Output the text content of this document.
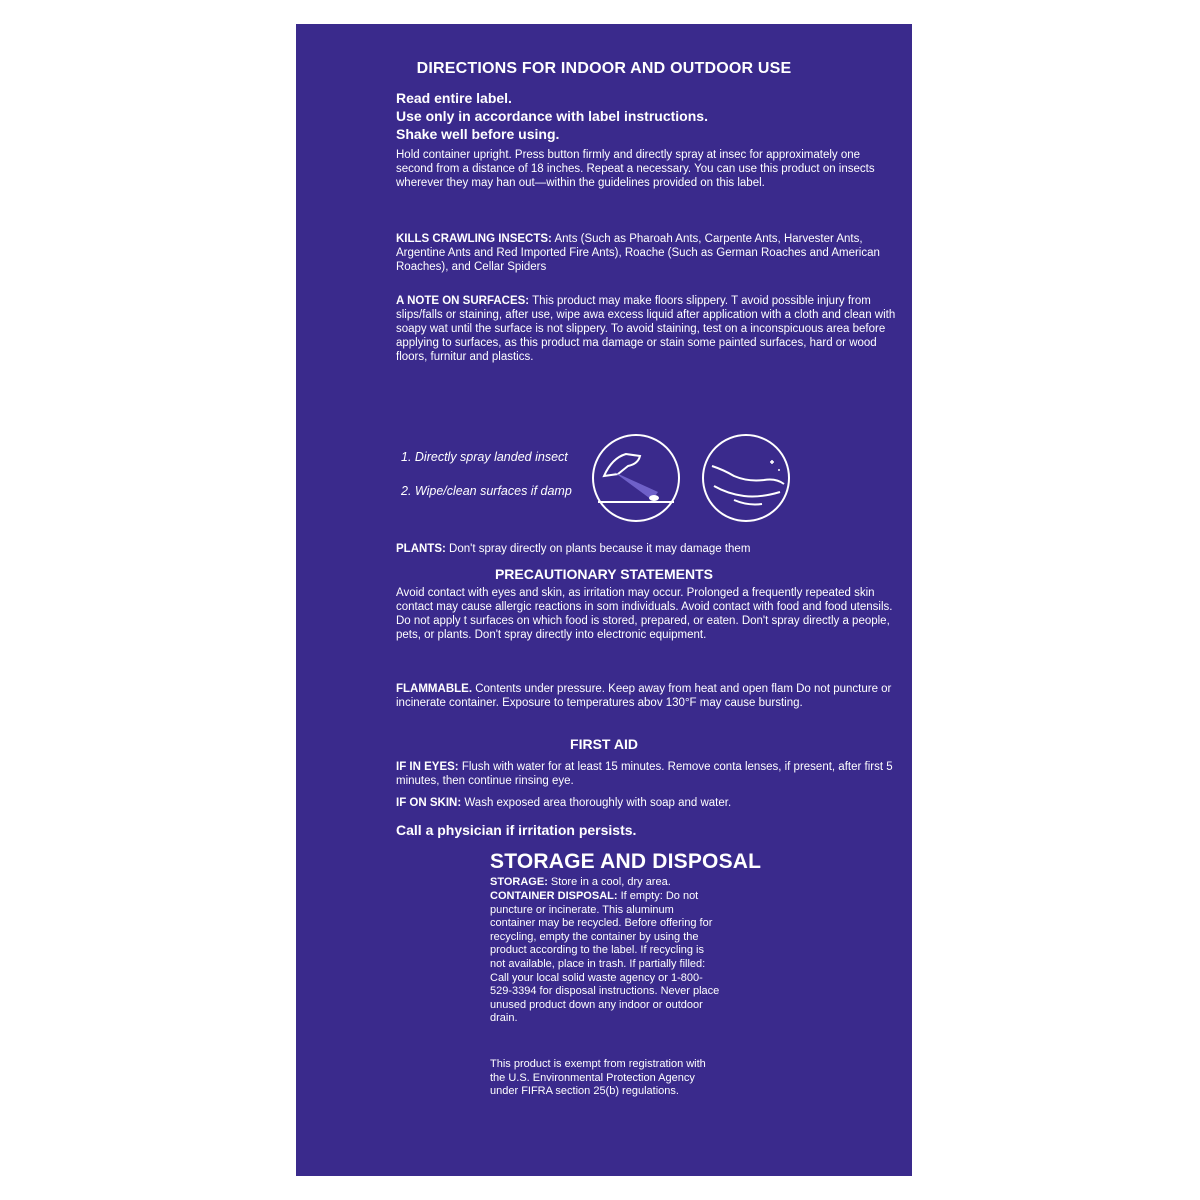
DIRECTIONS FOR INDOOR AND OUTDOOR USE
Read entire label.
Use only in accordance with label instructions.
Shake well before using.
Hold container upright. Press button firmly and directly spray at insec for approximately one second from a distance of 18 inches. Repeat a necessary. You can use this product on insects wherever they may han out—within the guidelines provided on this label.
KILLS CRAWLING INSECTS: Ants (Such as Pharoah Ants, Carpente Ants, Harvester Ants, Argentine Ants and Red Imported Fire Ants), Roache (Such as German Roaches and American Roaches), and Cellar Spiders
A NOTE ON SURFACES: This product may make floors slippery. T avoid possible injury from slips/falls or staining, after use, wipe awa excess liquid after application with a cloth and clean with soapy wat until the surface is not slippery. To avoid staining, test on a inconspicuous area before applying to surfaces, as this product ma damage or stain some painted surfaces, hard or wood floors, furnitur and plastics.
1. Directly spray landed insect
2. Wipe/clean surfaces if damp
PLANTS: Don't spray directly on plants because it may damage them
PRECAUTIONARY STATEMENTS
Avoid contact with eyes and skin, as irritation may occur. Prolonged a frequently repeated skin contact may cause allergic reactions in som individuals. Avoid contact with food and food utensils. Do not apply t surfaces on which food is stored, prepared, or eaten. Don't spray directly a people, pets, or plants. Don't spray directly into electronic equipment.
FLAMMABLE. Contents under pressure. Keep away from heat and open flam Do not puncture or incinerate container. Exposure to temperatures abov 130°F may cause bursting.
FIRST AID
IF IN EYES: Flush with water for at least 15 minutes. Remove conta lenses, if present, after first 5 minutes, then continue rinsing eye.
IF ON SKIN: Wash exposed area thoroughly with soap and water.
Call a physician if irritation persists.
STORAGE AND DISPOSAL
STORAGE: Store in a cool, dry area.
CONTAINER DISPOSAL: If empty: Do not puncture or incinerate. This aluminum container may be recycled. Before offering for recycling, empty the container by using the product according to the label. If recycling is not available, place in trash. If partially filled: Call your local solid waste agency or 1-800-529-3394 for disposal instructions. Never place unused product down any indoor or outdoor drain.
This product is exempt from registration with the U.S. Environmental Protection Agency under FIFRA section 25(b) regulations.
